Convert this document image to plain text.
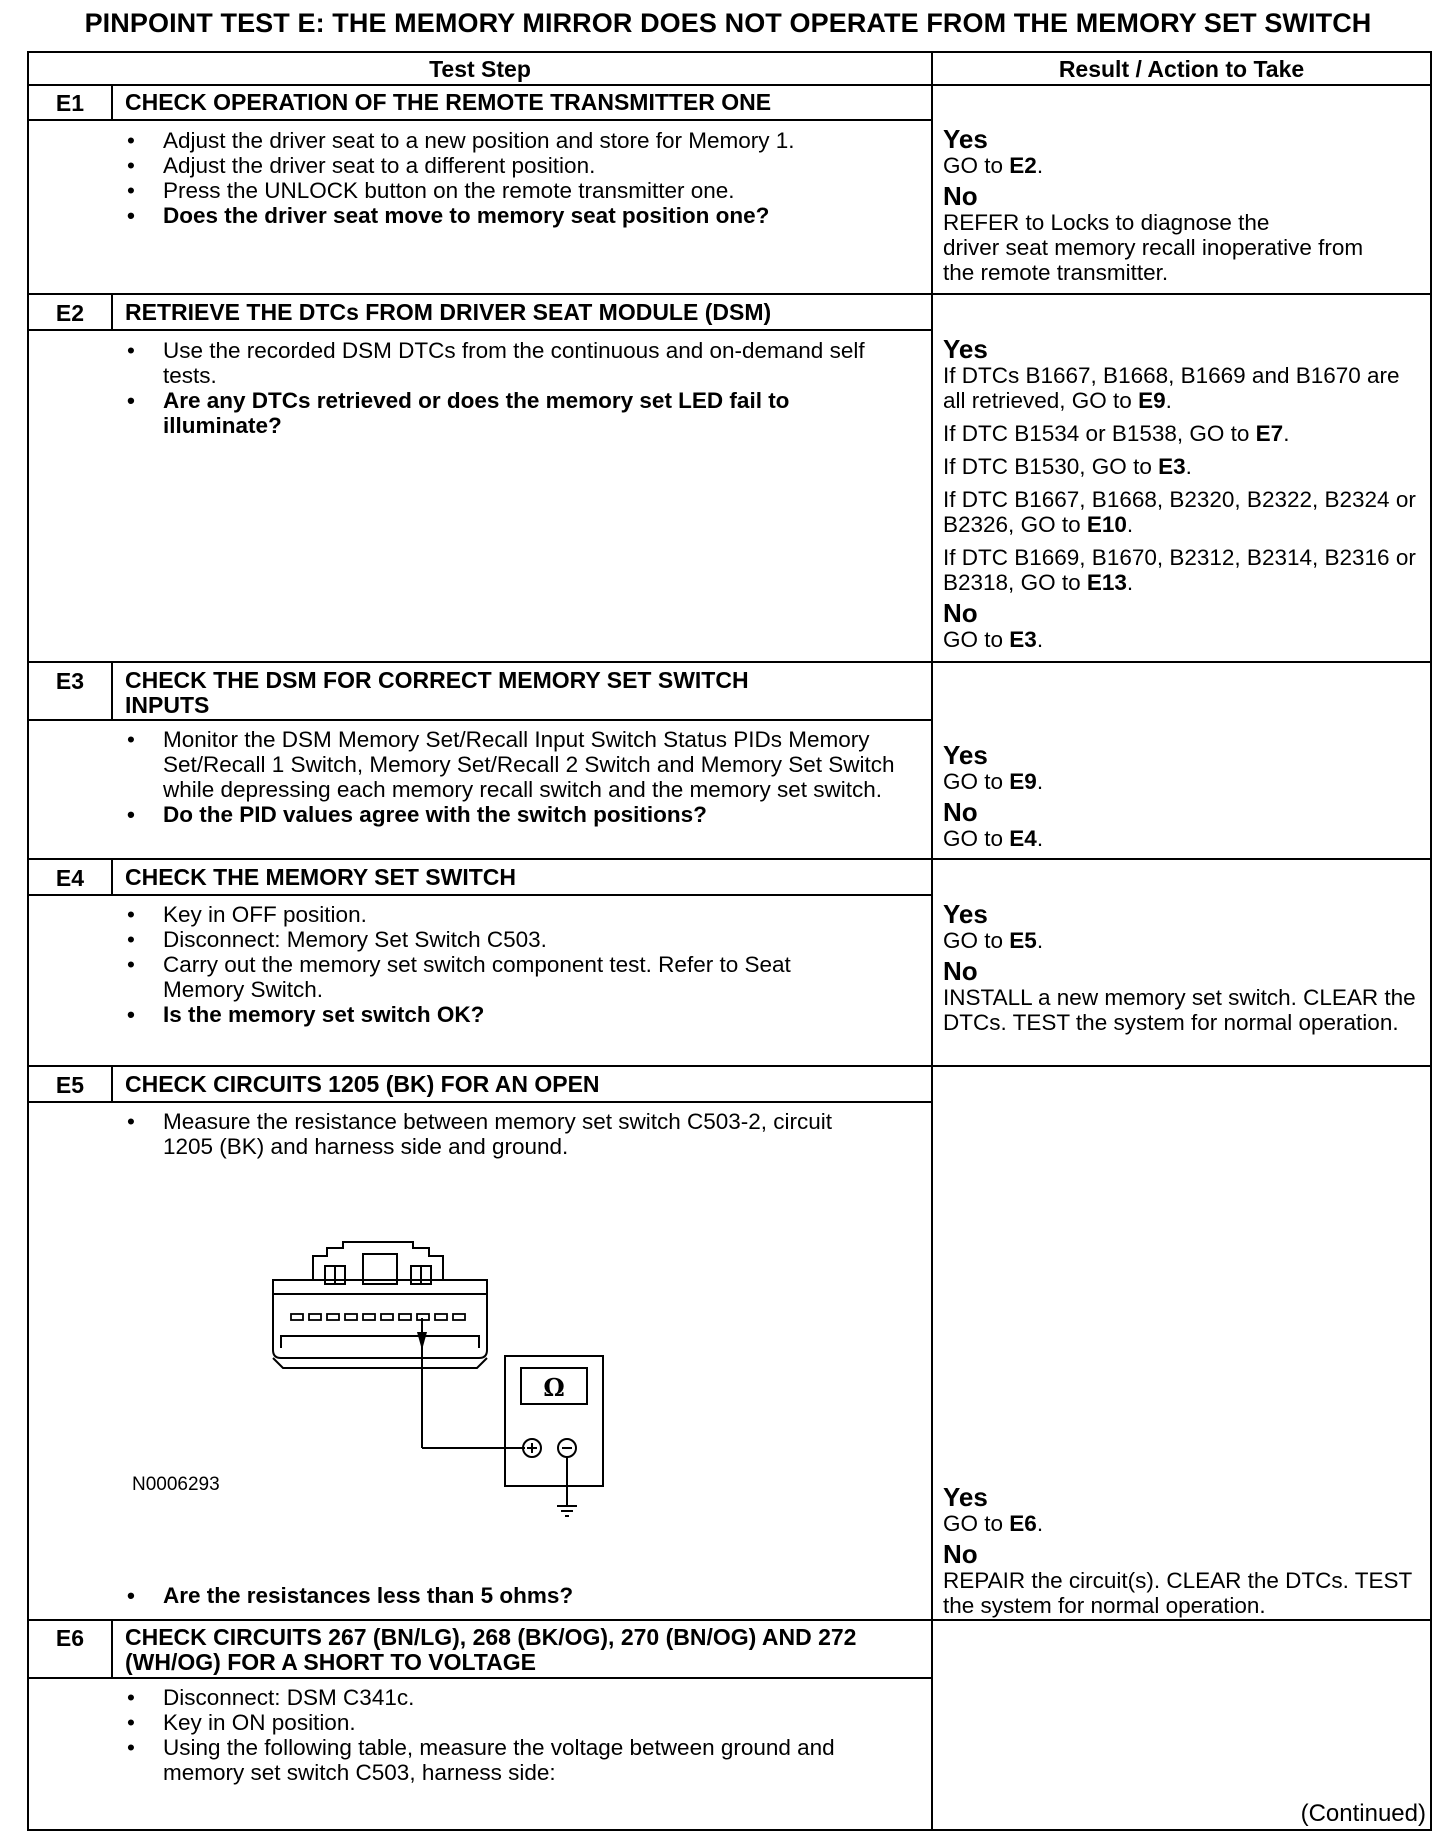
PINPOINT TEST E: THE MEMORY MIRROR DOES NOT OPERATE FROM THE MEMORY SET SWITCH
Test Step	Result / Action to Take
E1	CHECK OPERATION OF THE REMOTE TRANSMITTER ONE
• Adjust the driver seat to a new position and store for Memory 1.
• Adjust the driver seat to a different position.
• Press the UNLOCK button on the remote transmitter one.
• Does the driver seat move to memory seat position one?
Yes

GO to E2.

No

REFER to Locks to diagnose the
driver seat memory recall inoperative from
the remote transmitter.

E2	RETRIEVE THE DTCs FROM DRIVER SEAT MODULE (DSM)
• Use the recorded DSM DTCs from the continuous and on-demand self tests.
• Are any DTCs retrieved or does the memory set LED fail to illuminate?
Yes

If DTCs B1667, B1668, B1669 and B1670 are all retrieved, GO to E9.

If DTC B1534 or B1538, GO to E7.

If DTC B1530, GO to E3.

If DTC B1667, B1668, B2320, B2322, B2324 or B2326, GO to E10.

If DTC B1669, B1670, B2312, B2314, B2316 or B2318, GO to E13.

No

GO to E3.

E3	CHECK THE DSM FOR CORRECT MEMORY SET SWITCH INPUTS
• Monitor the DSM Memory Set/Recall Input Switch Status PIDs Memory Set/Recall 1 Switch, Memory Set/Recall 2 Switch and Memory Set Switch while depressing each memory recall switch and the memory set switch.
• Do the PID values agree with the switch positions?
Yes

GO to E9.

No

GO to E4.

E4	CHECK THE MEMORY SET SWITCH
• Key in OFF position.
• Disconnect: Memory Set Switch C503.
• Carry out the memory set switch component test. Refer to Seat Memory Switch.
• Is the memory set switch OK?
Yes

GO to E5.

No

INSTALL a new memory set switch. CLEAR the DTCs. TEST the system for normal operation.

E5	CHECK CIRCUITS 1205 (BK) FOR AN OPEN
• Measure the resistance between memory set switch C503-2, circuit 1205 (BK) and harness side and ground.
• Are the resistances less than 5 ohms?
Yes

GO to E6.

No

REPAIR the circuit(s). CLEAR the DTCs. TEST the system for normal operation.

E6	CHECK CIRCUITS 267 (BN/LG), 268 (BK/OG), 270 (BN/OG) AND 272 (WH/OG) FOR A SHORT TO VOLTAGE
• Disconnect: DSM C341c.
• Key in ON position.
• Using the following table, measure the voltage between ground and memory set switch C503, harness side:
Ω
N0006293
(Continued)
